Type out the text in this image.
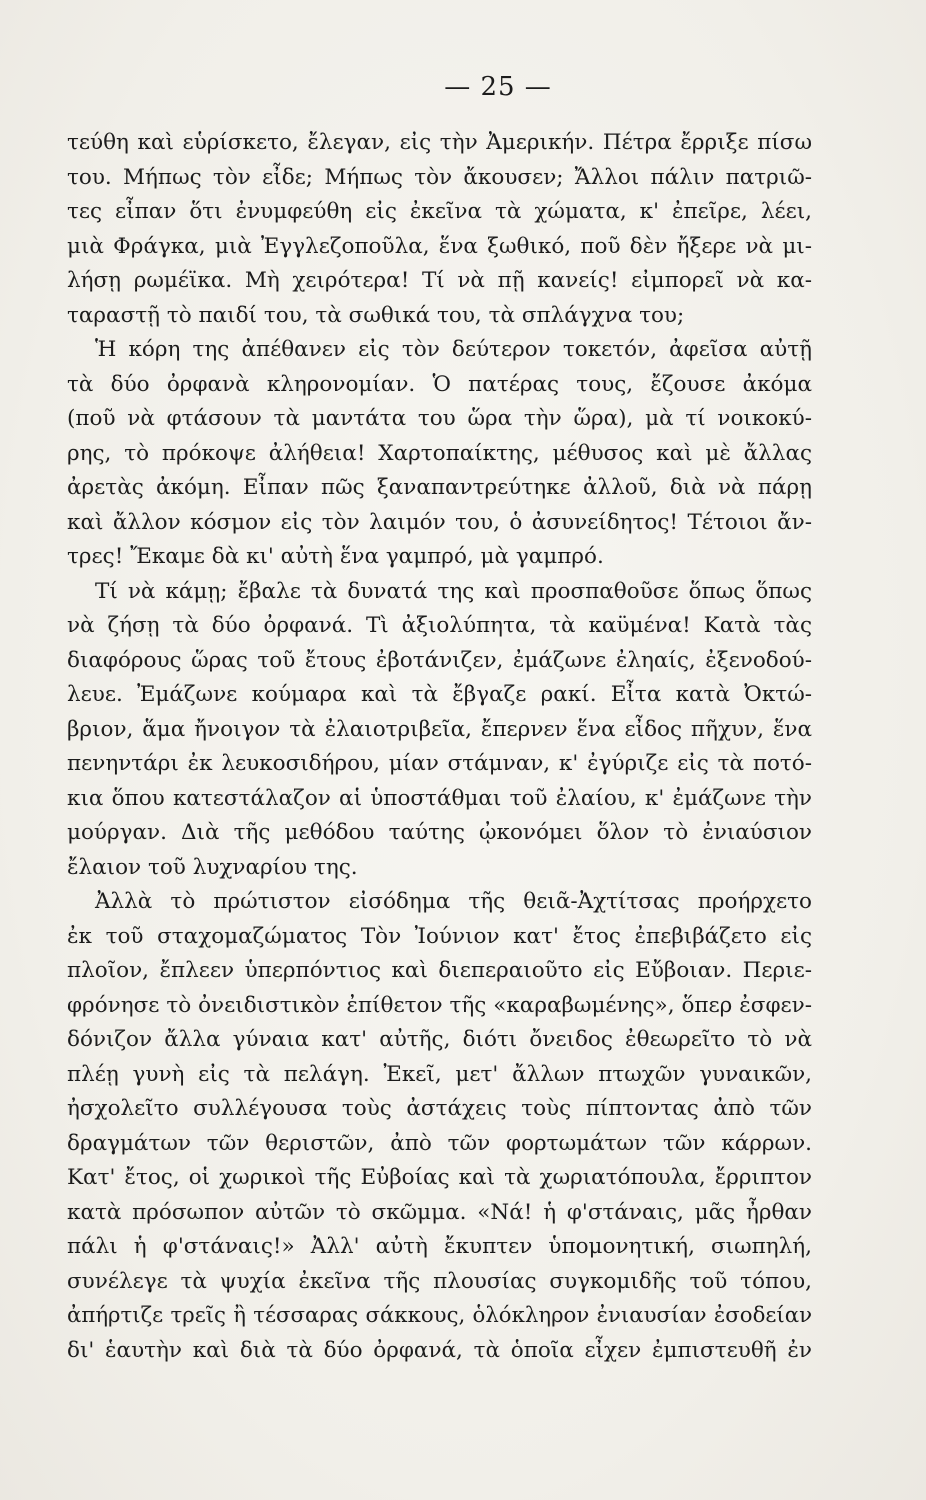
— 25 —
τεύθη καὶ εὑρίσκετο, ἔλεγαν, εἰς τὴν Ἀμερικήν. Πέτρα ἔρριξε πίσω
του. Μήπως τὸν εἶδε; Μήπως τὸν ἄκουσεν; Ἄλλοι πάλιν πατριῶ-
τες εἶπαν ὅτι ἐνυμφεύθη εἰς ἐκεῖνα τὰ χώματα, κ' ἐπεῖρε, λέει,
μιὰ Φράγκα, μιὰ Ἐγγλεζοποῦλα, ἕνα ξωθικό, ποῦ δὲν ἤξερε νὰ μι-
λήσῃ ρωμέϊκα. Μὴ χειρότερα! Τί νὰ πῇ κανείς! εἰμπορεῖ νὰ κα-
ταραστῇ τὸ παιδί του, τὰ σωθικά του, τὰ σπλάγχνα του;
Ἡ κόρη της ἀπέθανεν εἰς τὸν δεύτερον τοκετόν, ἀφεῖσα αὐτῇ
τὰ δύο ὀρφανὰ κληρονομίαν. Ὁ πατέρας τους, ἔζουσε ἀκόμα
(ποῦ νὰ φτάσουν τὰ μαντάτα του ὥρα τὴν ὥρα), μὰ τί νοικοκύ-
ρης, τὸ πρόκοψε ἀλήθεια! Χαρτοπαίκτης, μέθυσος καὶ μὲ ἄλλας
ἀρετὰς ἀκόμη. Εἶπαν πῶς ξαναπαντρεύτηκε ἀλλοῦ, διὰ νὰ πάρῃ
καὶ ἄλλον κόσμον εἰς τὸν λαιμόν του, ὁ ἀσυνείδητος! Τέτοιοι ἄν-
τρες! Ἔκαμε δὰ κι' αὐτὴ ἕνα γαμπρό, μὰ γαμπρό.
Τί νὰ κάμῃ; ἔβαλε τὰ δυνατά της καὶ προσπαθοῦσε ὅπως ὅπως
νὰ ζήσῃ τὰ δύο ὀρφανά. Τὶ ἀξιολύπητα, τὰ καϋμένα! Κατὰ τὰς
διαφόρους ὥρας τοῦ ἔτους ἐβοτάνιζεν, ἐμάζωνε ἐληαίς, ἐξενοδού-
λευε. Ἐμάζωνε κούμαρα καὶ τὰ ἔβγαζε ρακί. Εἶτα κατὰ Ὀκτώ-
βριον, ἅμα ἤνοιγον τὰ ἐλαιοτριβεῖα, ἔπερνεν ἕνα εἶδος πῆχυν, ἕνα
πενηντάρι ἐκ λευκοσιδήρου, μίαν στάμναν, κ' ἐγύριζε εἰς τὰ ποτό-
κια ὅπου κατεστάλαζον αἱ ὑποστάθμαι τοῦ ἐλαίου, κ' ἐμάζωνε τὴν
μούργαν. Διὰ τῆς μεθόδου ταύτης ᾠκονόμει ὅλον τὸ ἐνιαύσιον
ἔλαιον τοῦ λυχναρίου της.
Ἀλλὰ τὸ πρώτιστον εἰσόδημα τῆς θειᾶ-Ἀχτίτσας προήρχετο
ἐκ τοῦ σταχομαζώματος Τὸν Ἰούνιον κατ' ἔτος ἐπεβιβάζετο εἰς
πλοῖον, ἔπλεεν ὑπερπόντιος καὶ διεπεραιοῦτο εἰς Εὔβοιαν. Περιε-
φρόνησε τὸ ὀνειδιστικὸν ἐπίθετον τῆς «καραβωμένης», ὅπερ ἐσφεν-
δόνιζον ἄλλα γύναια κατ' αὐτῆς, διότι ὄνειδος ἐθεωρεῖτο τὸ νὰ
πλέῃ γυνὴ εἰς τὰ πελάγη. Ἐκεῖ, μετ' ἄλλων πτωχῶν γυναικῶν,
ἠσχολεῖτο συλλέγουσα τοὺς ἀστάχεις τοὺς πίπτοντας ἀπὸ τῶν
δραγμάτων τῶν θεριστῶν, ἀπὸ τῶν φορτωμάτων τῶν κάρρων.
Κατ' ἔτος, οἱ χωρικοὶ τῆς Εὐβοίας καὶ τὰ χωριατόπουλα, ἔρριπτον
κατὰ πρόσωπον αὐτῶν τὸ σκῶμμα. «Νά! ἡ φ'στάναις, μᾶς ἦρθαν
πάλι ἡ φ'στάναις!» Ἀλλ' αὐτὴ ἔκυπτεν ὑπομονητική, σιωπηλή,
συνέλεγε τὰ ψυχία ἐκεῖνα τῆς πλουσίας συγκομιδῆς τοῦ τόπου,
ἀπήρτιζε τρεῖς ἢ τέσσαρας σάκκους, ὁλόκληρον ἐνιαυσίαν ἐσοδείαν
δι' ἑαυτὴν καὶ διὰ τὰ δύο ὀρφανά, τὰ ὁποῖα εἶχεν ἐμπιστευθῆ ἐν
